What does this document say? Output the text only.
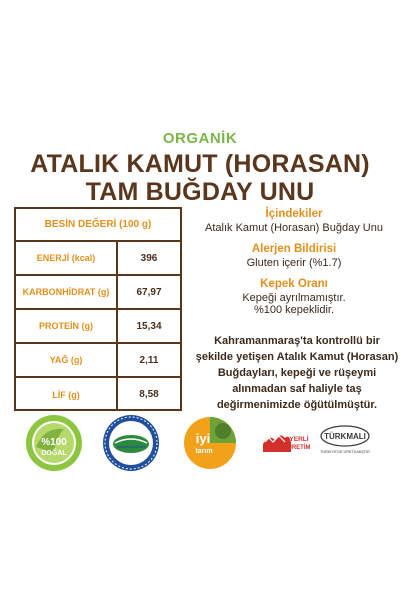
ORGANİK
ATALIK KAMUT (HORASAN)
TAM BUĞDAY UNU
BESİN DEĞERİ (100 g)
ENERJİ (kcal)	396
KARBONHİDRAT (g)	67,97
PROTEİN (g)	15,34
YAĞ (g)	2,11
LİF (g)	8,58
İçindekiler
Atalık Kamut (Horasan) Buğday Unu
Alerjen Bildirisi
Gluten içerir (%1.7)
Kepek Oranı
Kepeği ayrılmamıştır.
%100 kepeklidir.
Kahramanmaraş'ta kontrollü bir
şekilde yetişen Atalık Kamut (Horasan)
Buğdayları, kepeği ve rüşeymi
alınmadan saf haliyle taş
değirmenimizde öğütülmüştür.
%100
DOĞAL
iyi
tarım
YERLİ
ÜRETİM
TÜRKMALI
TÜRKİYE'DE ÜRETİLMİŞTİR
